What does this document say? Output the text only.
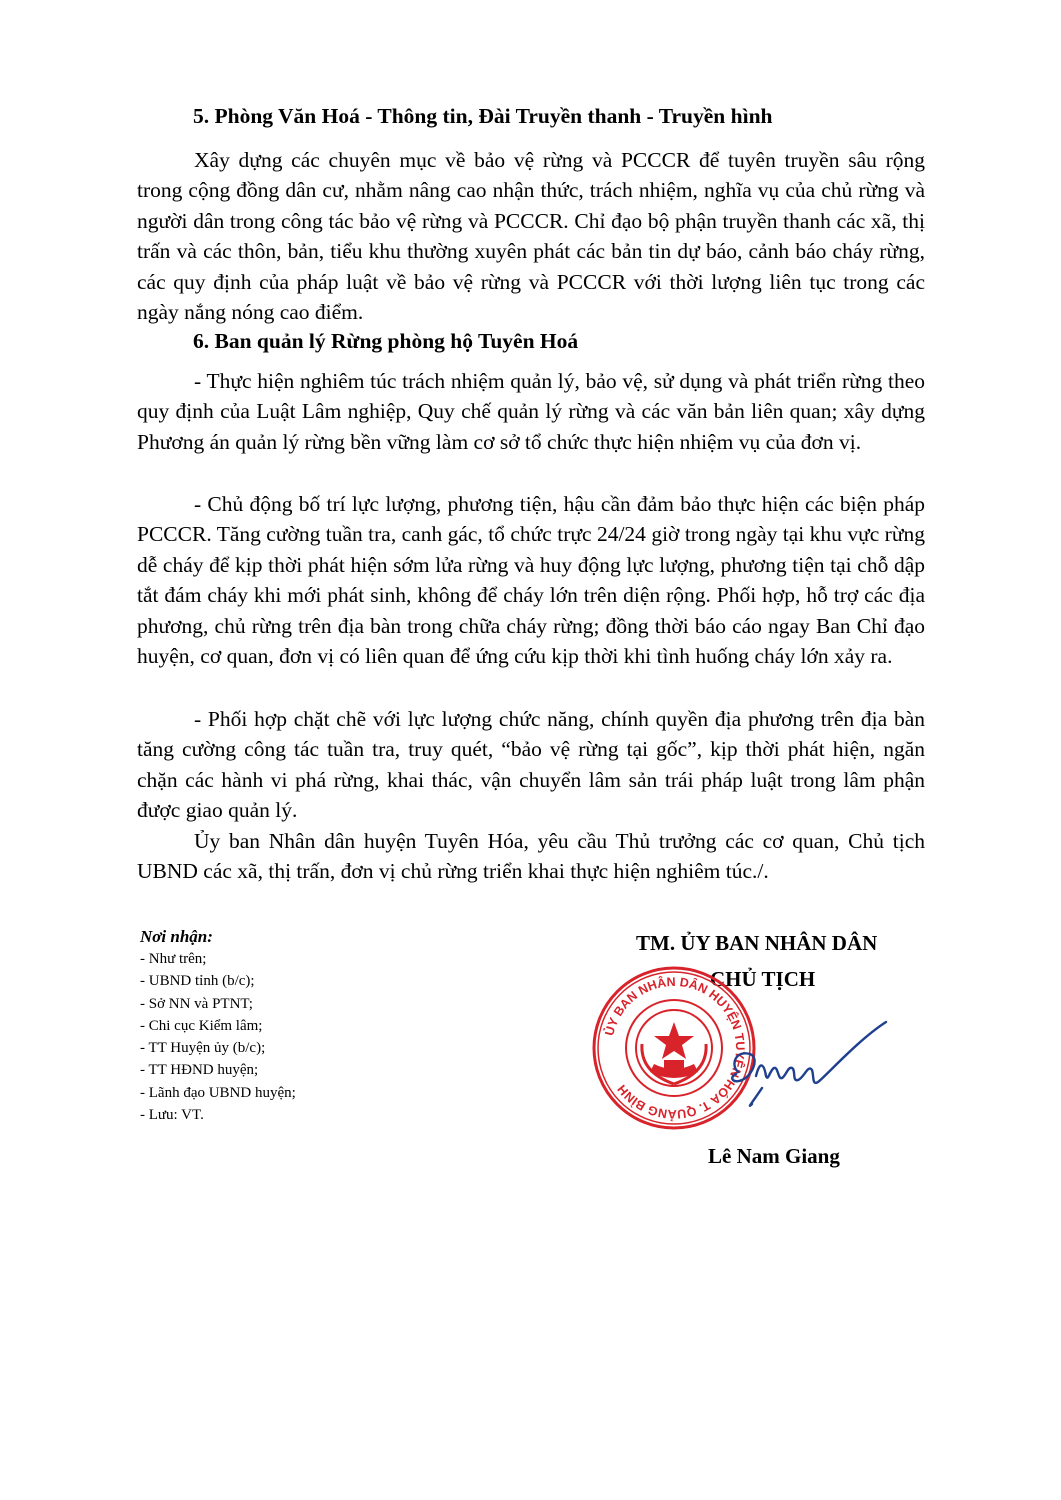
5. Phòng Văn Hoá - Thông tin, Đài Truyền thanh - Truyền hình

Xây dựng các chuyên mục về bảo vệ rừng và PCCCR để tuyên truyền sâu rộng trong cộng đồng dân cư, nhằm nâng cao nhận thức, trách nhiệm, nghĩa vụ của chủ rừng và người dân trong công tác bảo vệ rừng và PCCCR. Chỉ đạo bộ phận truyền thanh các xã, thị trấn và các thôn, bản, tiểu khu thường xuyên phát các bản tin dự báo, cảnh báo cháy rừng, các quy định của pháp luật về bảo vệ rừng và PCCCR với thời lượng liên tục trong các ngày nắng nóng cao điểm.

6. Ban quản lý Rừng phòng hộ Tuyên Hoá

- Thực hiện nghiêm túc trách nhiệm quản lý, bảo vệ, sử dụng và phát triển rừng theo quy định của Luật Lâm nghiệp, Quy chế quản lý rừng và các văn bản liên quan; xây dựng Phương án quản lý rừng bền vững làm cơ sở tổ chức thực hiện nhiệm vụ của đơn vị.

- Chủ động bố trí lực lượng, phương tiện, hậu cần đảm bảo thực hiện các biện pháp PCCCR. Tăng cường tuần tra, canh gác, tổ chức trực 24/24 giờ trong ngày tại khu vực rừng dễ cháy để kịp thời phát hiện sớm lửa rừng và huy động lực lượng, phương tiện tại chỗ dập tắt đám cháy khi mới phát sinh, không để cháy lớn trên diện rộng. Phối hợp, hỗ trợ các địa phương, chủ rừng trên địa bàn trong chữa cháy rừng; đồng thời báo cáo ngay Ban Chỉ đạo huyện, cơ quan, đơn vị có liên quan để ứng cứu kịp thời khi tình huống cháy lớn xảy ra.

- Phối hợp chặt chẽ với lực lượng chức năng, chính quyền địa phương trên địa bàn tăng cường công tác tuần tra, truy quét, “bảo vệ rừng tại gốc”, kịp thời phát hiện, ngăn chặn các hành vi phá rừng, khai thác, vận chuyển lâm sản trái pháp luật trong lâm phận được giao quản lý.

Ủy ban Nhân dân huyện Tuyên Hóa, yêu cầu Thủ trưởng các cơ quan, Chủ tịch UBND các xã, thị trấn, đơn vị chủ rừng triển khai thực hiện nghiêm túc./.

Nơi nhận:
- Như trên;
- UBND tỉnh (b/c);
- Sở NN và PTNT;
- Chi cục Kiểm lâm;
- TT Huyện ủy (b/c);
- TT HĐND huyện;
- Lãnh đạo UBND huyện;
- Lưu: VT.
TM. ỦY BAN NHÂN DÂN
CHỦ TỊCH
ỦY BAN NHÂN DÂN HUYỆN TUYÊN HÓA T. QUẢNG BÌNH
Lê Nam Giang
